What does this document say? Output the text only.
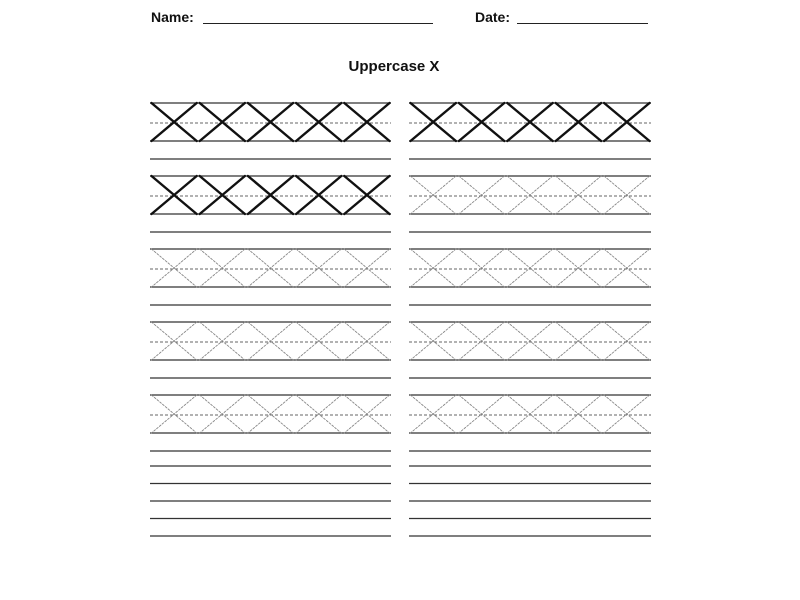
Name:	Date:
Uppercase X
